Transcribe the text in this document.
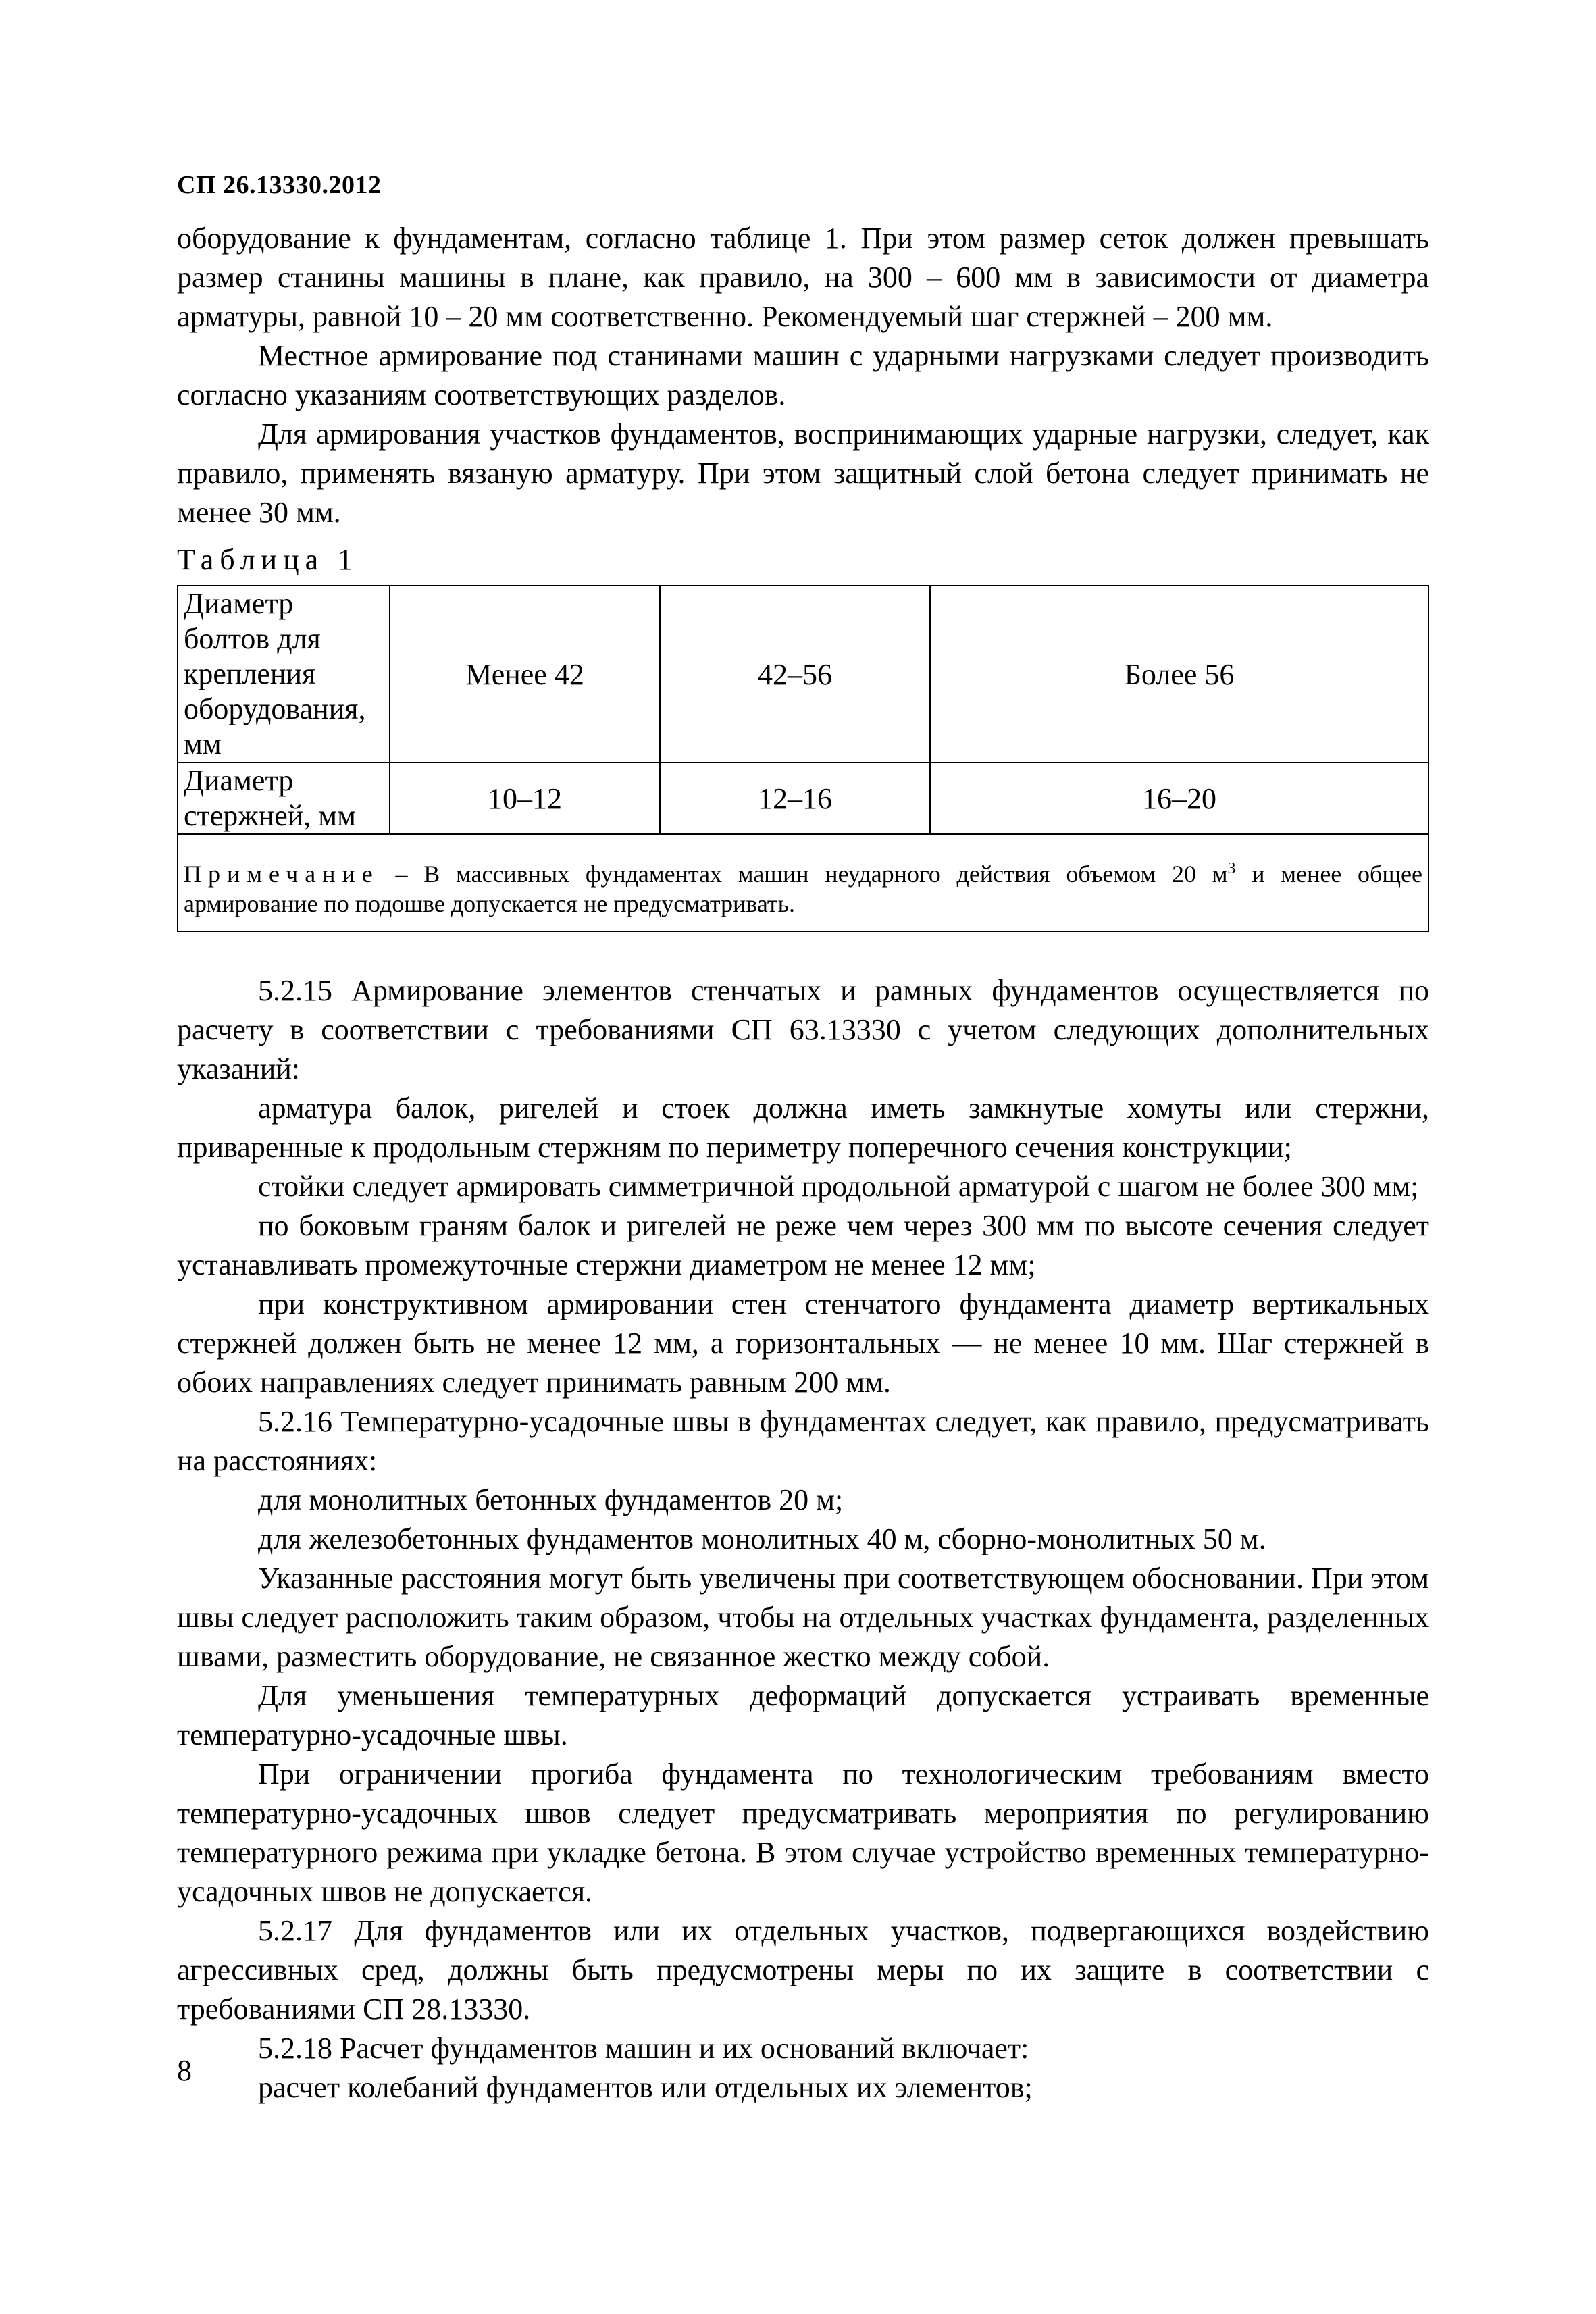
СП 26.13330.2012

оборудование к фундаментам, согласно таблице 1. При этом размер сеток должен превышать размер станины машины в плане, как правило, на 300 – 600 мм в зависимости от диаметра арматуры, равной 10 – 20 мм соответственно. Рекомендуемый шаг стержней – 200 мм.

Местное армирование под станинами машин с ударными нагрузками следует производить согласно указаниям соответствующих разделов.

Для армирования участков фундаментов, воспринимающих ударные нагрузки, следует, как правило, применять вязаную арматуру. При этом защитный слой бетона следует принимать не менее 30 мм.

Таблица 1
Диаметр болтов для крепления оборудования, мм	Менее 42	42–56	Более 56
Диаметр стержней, мм	10–12	12–16	16–20
Примечание – В массивных фундаментах машин неударного действия объемом 20 $м^3$ и менее общее армирование по подошве допускается не предусматривать.			

5.2.15 Армирование элементов стенчатых и рамных фундаментов осуществляется по расчету в соответствии с требованиями СП 63.13330 с учетом следующих дополнительных указаний:

арматура балок, ригелей и стоек должна иметь замкнутые хомуты или стержни, приваренные к продольным стержням по периметру поперечного сечения конструкции;

стойки следует армировать симметричной продольной арматурой с шагом не более 300 мм;

по боковым граням балок и ригелей не реже чем через 300 мм по высоте сечения следует устанавливать промежуточные стержни диаметром не менее 12 мм;

при конструктивном армировании стен стенчатого фундамента диаметр вертикальных стержней должен быть не менее 12 мм, а горизонтальных — не менее 10 мм. Шаг стержней в обоих направлениях следует принимать равным 200 мм.

5.2.16 Температурно-усадочные швы в фундаментах следует, как правило, предусматривать на расстояниях:

для монолитных бетонных фундаментов 20 м;

для железобетонных фундаментов монолитных 40 м, сборно-монолитных 50 м.

Указанные расстояния могут быть увеличены при соответствующем обосновании. При этом швы следует расположить таким образом, чтобы на отдельных участках фундамента, разделенных швами, разместить оборудование, не связанное жестко между собой.

Для уменьшения температурных деформаций допускается устраивать временные температурно-усадочные швы.

При ограничении прогиба фундамента по технологическим требованиям вместо температурно-усадочных швов следует предусматривать мероприятия по регулированию температурного режима при укладке бетона. В этом случае устройство временных температурно-усадочных швов не допускается.

5.2.17 Для фундаментов или их отдельных участков, подвергающихся воздействию агрессивных сред, должны быть предусмотрены меры по их защите в соответствии с требованиями СП 28.13330.

5.2.18 Расчет фундаментов машин и их оснований включает:

расчет колебаний фундаментов или отдельных их элементов;

8
